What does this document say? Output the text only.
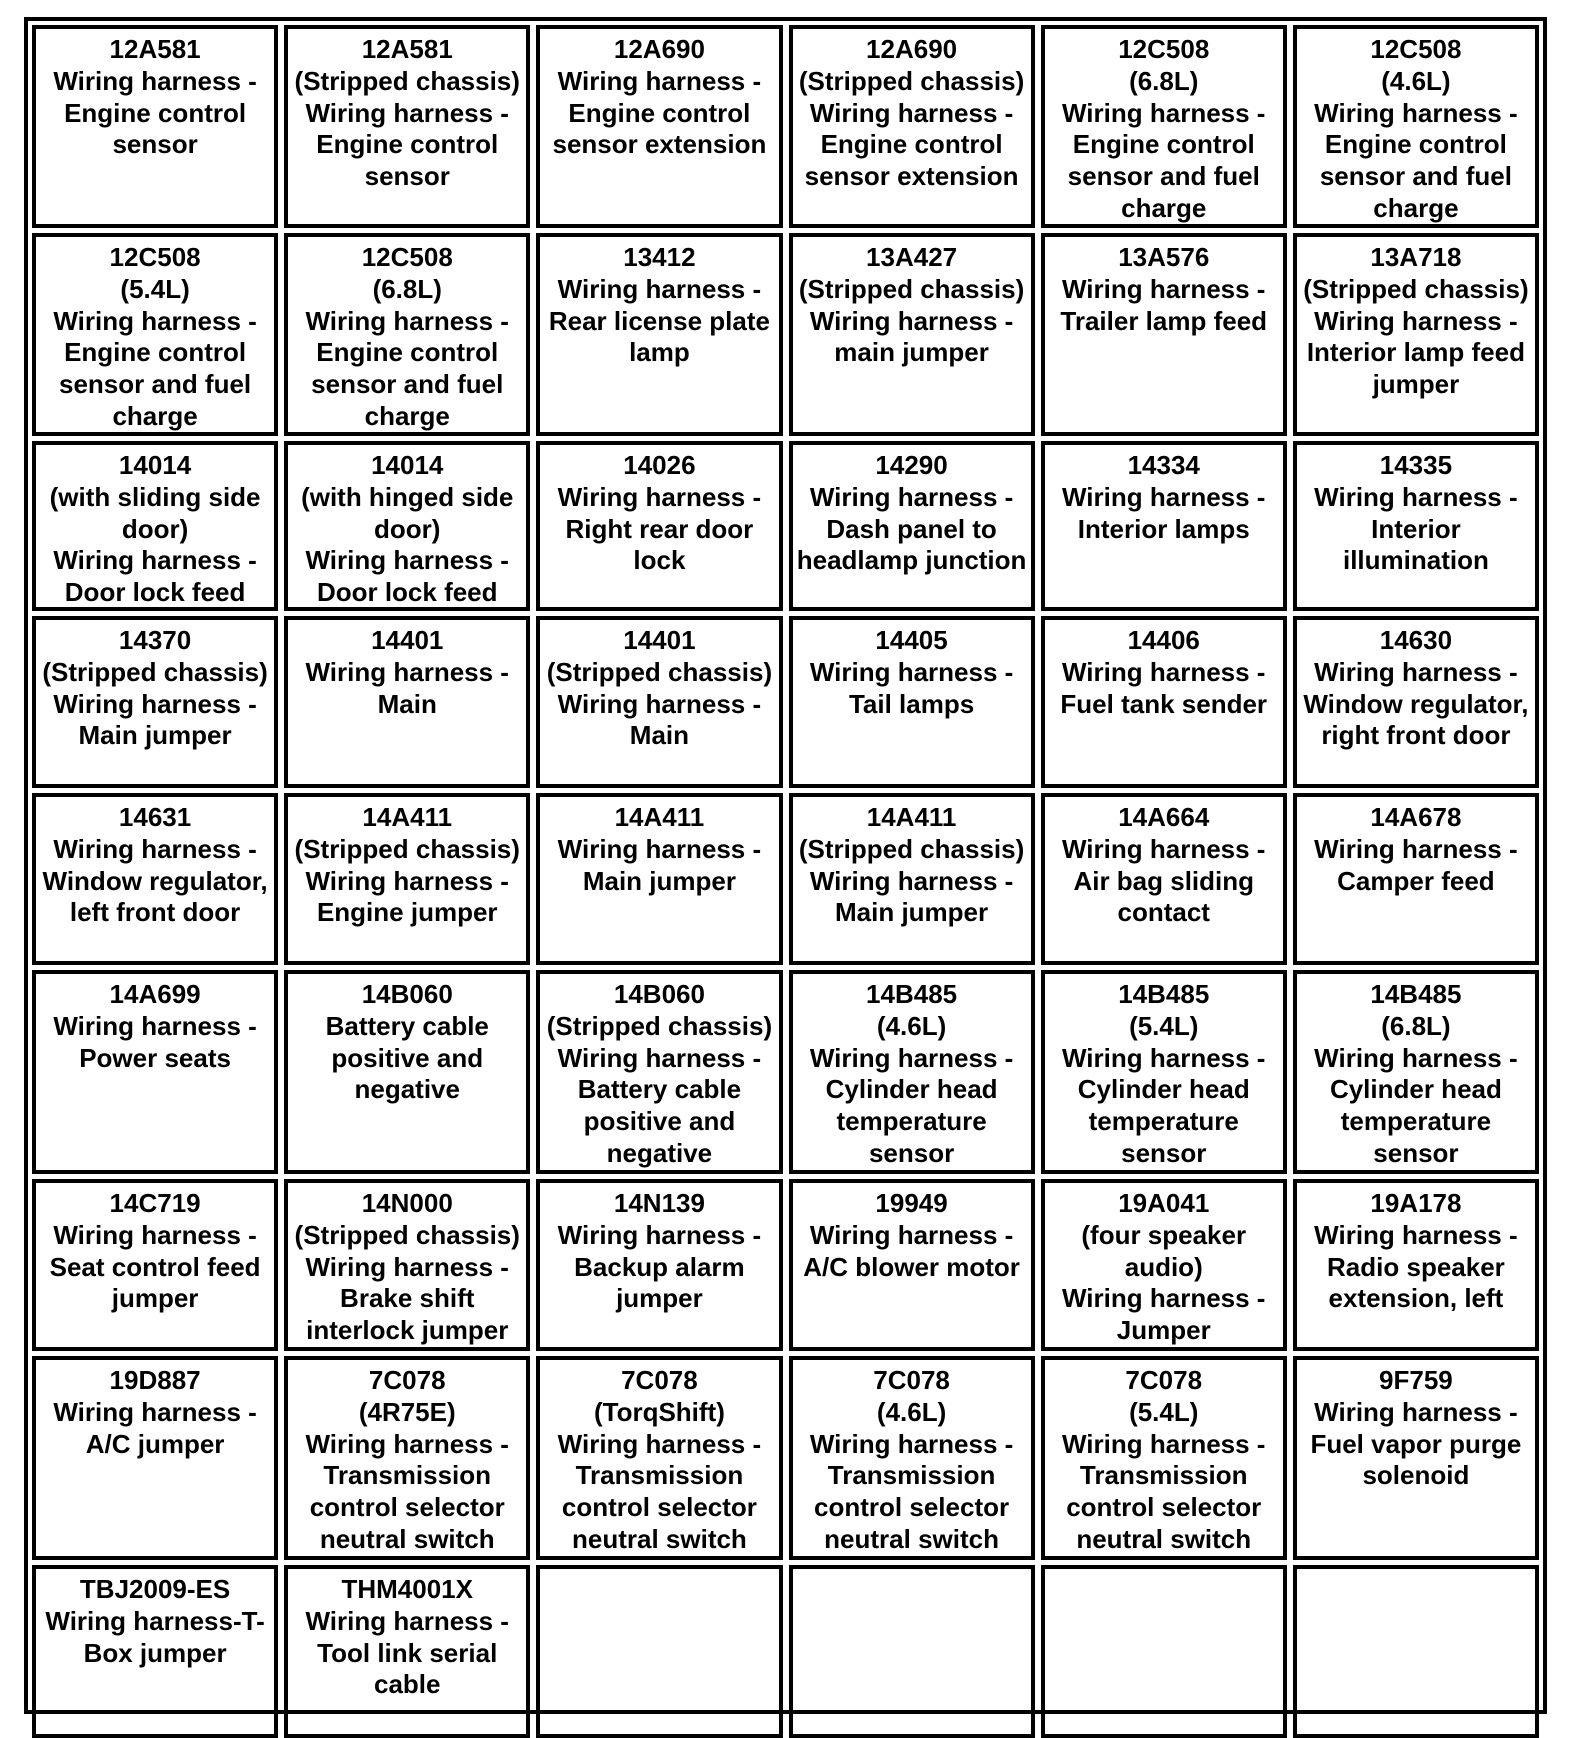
12A581
Wiring harness - Engine control sensor
12A581
(Stripped chassis)
Wiring harness - Engine control sensor
12A690
Wiring harness - Engine control sensor extension
12A690
(Stripped chassis)
Wiring harness - Engine control sensor extension
12C508
(6.8L)
Wiring harness - Engine control sensor and fuel charge
12C508
(4.6L)
Wiring harness - Engine control sensor and fuel charge
12C508
(5.4L)
Wiring harness - Engine control sensor and fuel charge
12C508
(6.8L)
Wiring harness - Engine control sensor and fuel charge
13412
Wiring harness - Rear license plate lamp
13A427
(Stripped chassis)
Wiring harness - main jumper
13A576
Wiring harness - Trailer lamp feed
13A718
(Stripped chassis)
Wiring harness - Interior lamp feed jumper
14014
(with sliding side door)
Wiring harness - Door lock feed
14014
(with hinged side door)
Wiring harness - Door lock feed
14026
Wiring harness - Right rear door lock
14290
Wiring harness - Dash panel to headlamp junction
14334
Wiring harness - Interior lamps
14335
Wiring harness - Interior illumination
14370
(Stripped chassis)
Wiring harness - Main jumper
14401
Wiring harness - Main
14401
(Stripped chassis)
Wiring harness - Main
14405
Wiring harness - Tail lamps
14406
Wiring harness - Fuel tank sender
14630
Wiring harness - Window regulator, right front door
14631
Wiring harness - Window regulator, left front door
14A411
(Stripped chassis)
Wiring harness - Engine jumper
14A411
Wiring harness - Main jumper
14A411
(Stripped chassis)
Wiring harness - Main jumper
14A664
Wiring harness - Air bag sliding contact
14A678
Wiring harness - Camper feed
14A699
Wiring harness - Power seats
14B060
Battery cable positive and negative
14B060
(Stripped chassis)
Wiring harness - Battery cable positive and negative
14B485
(4.6L)
Wiring harness - Cylinder head temperature sensor
14B485
(5.4L)
Wiring harness - Cylinder head temperature sensor
14B485
(6.8L)
Wiring harness - Cylinder head temperature sensor
14C719
Wiring harness - Seat control feed jumper
14N000
(Stripped chassis)
Wiring harness - Brake shift interlock jumper
14N139
Wiring harness - Backup alarm jumper
19949
Wiring harness - A/C blower motor
19A041
(four speaker audio)
Wiring harness - Jumper
19A178
Wiring harness - Radio speaker extension, left
19D887
Wiring harness - A/C jumper
7C078
(4R75E)
Wiring harness - Transmission control selector neutral switch
7C078
(TorqShift)
Wiring harness - Transmission control selector neutral switch
7C078
(4.6L)
Wiring harness - Transmission control selector neutral switch
7C078
(5.4L)
Wiring harness - Transmission control selector neutral switch
9F759
Wiring harness - Fuel vapor purge solenoid
TBJ2009-ES
Wiring harness-T-Box jumper
THM4001X
Wiring harness - Tool link serial cable
